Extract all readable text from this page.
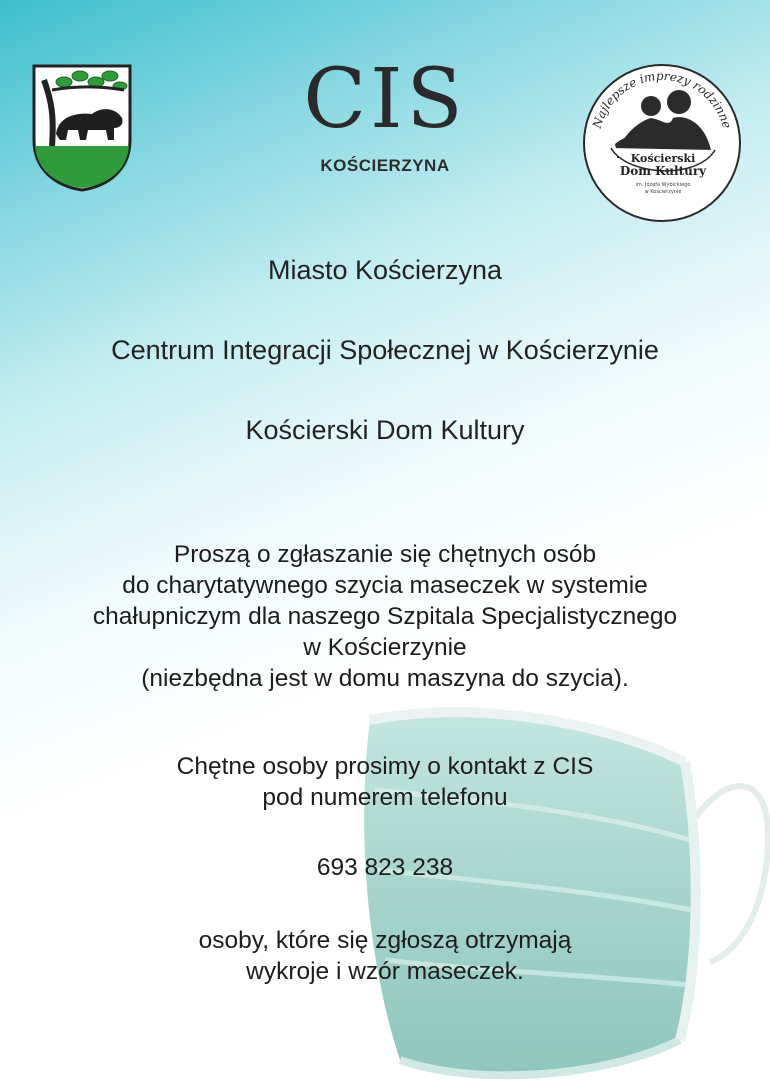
CIS
KOŚCIERZYNA
Najlepsze imprezy rodzinne
Kościerski
Dom Kultury
im. Józefa Wybickiego
w Kościerzynie
Miasto Kościerzyna
Centrum Integracji Społecznej w Kościerzynie
Kościerski Dom Kultury
Proszą o zgłaszanie się chętnych osób
do charytatywnego szycia maseczek w systemie
chałupniczym dla naszego Szpitala Specjalistycznego
w Kościerzynie
(niezbędna jest w domu maszyna do szycia).
Chętne osoby prosimy o kontakt z CIS
pod numerem telefonu
693 823 238
osoby, które się zgłoszą otrzymają
wykroje i wzór maseczek.
